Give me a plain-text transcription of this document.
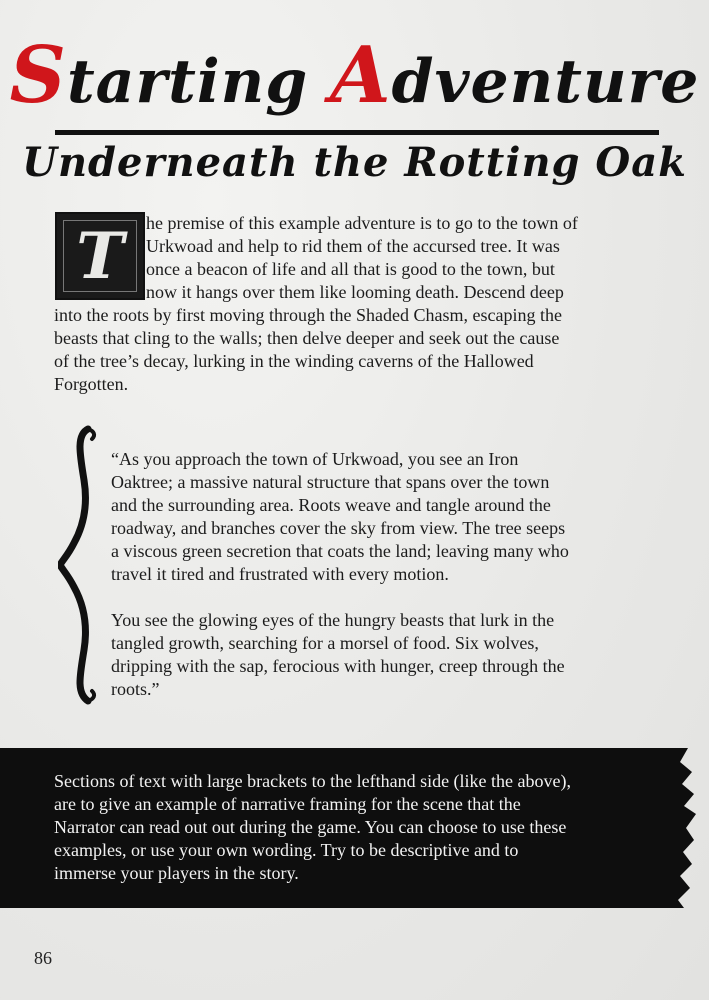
Starting Adventure
Underneath the Rotting Oak
T he premise of this example adventure is to go to the town of
Urkwoad and help to rid them of the accursed tree. It was
once a beacon of life and all that is good to the town, but
now it hangs over them like looming death. Descend deep
into the roots by first moving through the Shaded Chasm, escaping the
beasts that cling to the walls; then delve deeper and seek out the cause
of the tree’s decay, lurking in the winding caverns of the Hallowed
Forgotten.
“As you approach the town of Urkwoad, you see an Iron
Oaktree; a massive natural structure that spans over the town
and the surrounding area. Roots weave and tangle around the
roadway, and branches cover the sky from view. The tree seeps
a viscous green secretion that coats the land; leaving many who
travel it tired and frustrated with every motion.
You see the glowing eyes of the hungry beasts that lurk in the
tangled growth, searching for a morsel of food. Six wolves,
dripping with the sap, ferocious with hunger, creep through the
roots.”
Sections of text with large brackets to the lefthand side (like the above),
are to give an example of narrative framing for the scene that the
Narrator can read out out during the game. You can choose to use these
examples, or use your own wording. Try to be descriptive and to
immerse your players in the story.
86
